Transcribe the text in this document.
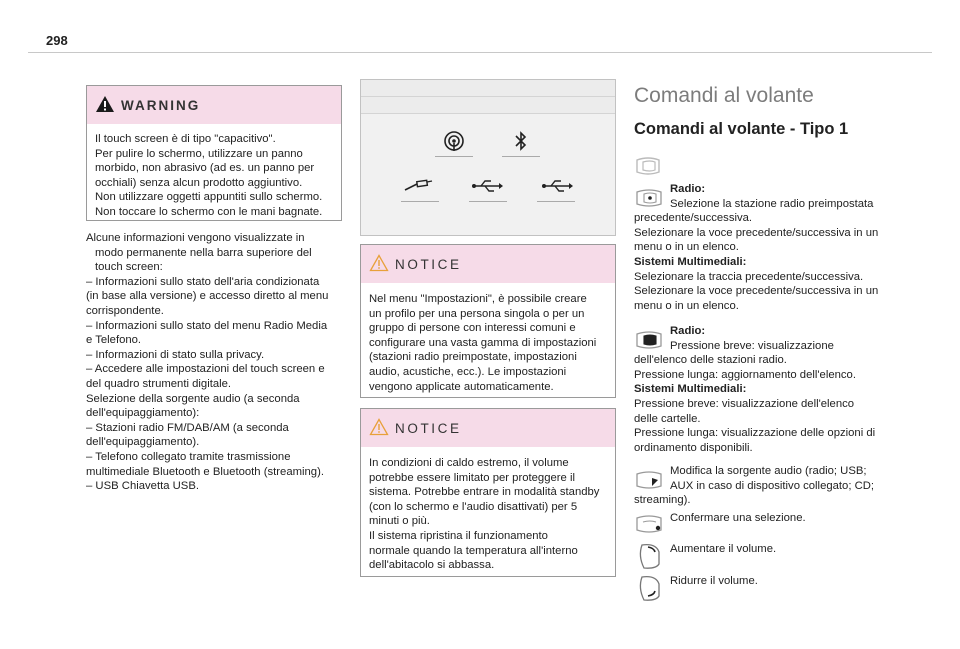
298
WARNING

Il touch screen è di tipo "capacitivo".

Per pulire lo schermo, utilizzare un panno

morbido, non abrasivo (ad es. un panno per

occhiali) senza alcun prodotto aggiuntivo.

Non utilizzare oggetti appuntiti sullo schermo.

Non toccare lo schermo con le mani bagnate.

Alcune informazioni vengono visualizzate in

modo permanente nella barra superiore del

touch screen:

– Informazioni sullo stato dell'aria condizionata

(in base alla versione) e accesso diretto al menu

corrispondente.

– Informazioni sullo stato del menu Radio Media

e Telefono.

– Informazioni di stato sulla privacy.

– Accedere alle impostazioni del touch screen e

del quadro strumenti digitale.

Selezione della sorgente audio (a seconda

dell'equipaggiamento):

– Stazioni radio FM/DAB/AM (a seconda

dell'equipaggiamento).

– Telefono collegato tramite trasmissione

multimediale Bluetooth e Bluetooth (streaming).

– USB Chiavetta USB.

NOTICE

Nel menu "Impostazioni", è possibile creare

un profilo per una persona singola o per un

gruppo di persone con interessi comuni e

configurare una vasta gamma di impostazioni

(stazioni radio preimpostate, impostazioni

audio, acustiche, ecc.). Le impostazioni

vengono applicate automaticamente.

NOTICE

In condizioni di caldo estremo, il volume

potrebbe essere limitato per proteggere il

sistema. Potrebbe entrare in modalità standby

(con lo schermo e l'audio disattivati) per 5

minuti o più.

Il sistema ripristina il funzionamento

normale quando la temperatura all'interno

dell'abitacolo si abbassa.

Comandi al volante
Comandi al volante - Tipo 1

Radio:

Selezione la stazione radio preimpostata

precedente/successiva.

Selezionare la voce precedente/successiva in un

menu o in un elenco.

Sistemi Multimediali:

Selezionare la traccia precedente/successiva.

Selezionare la voce precedente/successiva in un

menu o in un elenco.

Radio:

Pressione breve: visualizzazione

dell'elenco delle stazioni radio.

Pressione lunga: aggiornamento dell'elenco.

Sistemi Multimediali:

Pressione breve: visualizzazione dell'elenco

delle cartelle.

Pressione lunga: visualizzazione delle opzioni di

ordinamento disponibili.

Modifica la sorgente audio (radio; USB;

AUX in caso di dispositivo collegato; CD;

streaming).

Confermare una selezione.

Aumentare il volume.

Ridurre il volume.
